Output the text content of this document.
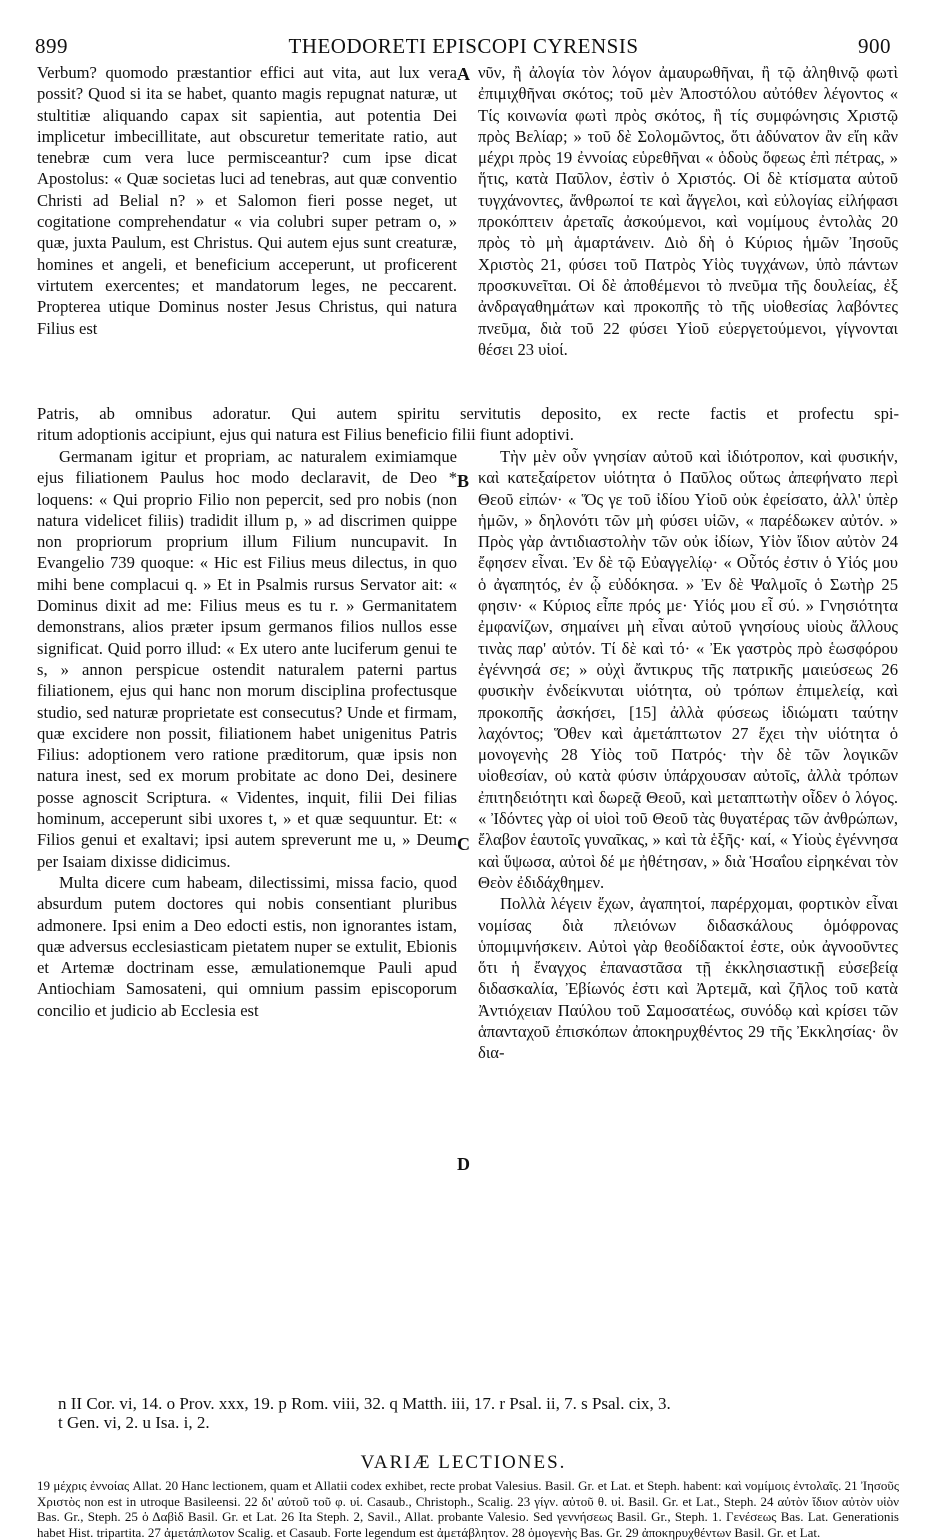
899	THEODORETI EPISCOPI CYRENSIS	900
A
B
C
D

Verbum? quomodo præstantior effici aut vita, aut lux vera possit? Quod si ita se habet, quanto magis repugnat naturæ, ut stultitiæ aliquando capax sit sapientia, aut potentia Dei implicetur imbecillitate, aut obscuretur temeritate ratio, aut tenebræ cum vera luce permisceantur? cum ipse dicat Apostolus: « Quæ societas luci ad tenebras, aut quæ conventio Christi ad Belial n? » et Salomon fieri posse neget, ut cogitatione comprehendatur « via colubri super petram o, » quæ, juxta Paulum, est Christus. Qui autem ejus sunt creaturæ, homines et angeli, et beneficium acceperunt, ut proficerent virtutem exercentes; et mandatorum leges, ne peccarent. Propterea utique Dominus noster Jesus Christus, qui natura Filius est

νῦν, ἢ ἀλογία τὸν λόγον ἀμαυρωθῆναι, ἢ τῷ ἀληθινῷ φωτὶ ἐπιμιχθῆναι σκότος; τοῦ μὲν Ἀποστόλου αὐτόθεν λέγοντος « Τίς κοινωνία φωτὶ πρὸς σκότος, ἢ τίς συμφώνησις Χριστῷ πρὸς Βελίαρ; » τοῦ δὲ Σολομῶντος, ὅτι ἀδύνατον ἂν εἴη κἂν μέχρι πρὸς 19 ἐννοίας εὑρεθῆναι « ὁδοὺς ὄφεως ἐπὶ πέτρας, » ἥτις, κατὰ Παῦλον, ἐστὶν ὁ Χριστός. Οἱ δὲ κτίσματα αὐτοῦ τυγχάνοντες, ἄνθρωποί τε καὶ ἄγγελοι, καὶ εὐλογίας εἰλήφασι προκόπτειν ἀρεταῖς ἀσκούμενοι, καὶ νομίμους ἐντολὰς 20 πρὸς τὸ μὴ ἁμαρτάνειν. Διὸ δὴ ὁ Κύριος ἡμῶν Ἰησοῦς Χριστὸς 21, φύσει τοῦ Πατρὸς Υἱὸς τυγχάνων, ὑπὸ πάντων προσκυνεῖται. Οἱ δὲ ἀποθέμενοι τὸ πνεῦμα τῆς δουλείας, ἐξ ἀνδραγαθημάτων καὶ προκοπῆς τὸ τῆς υἱοθεσίας λαβόντες πνεῦμα, διὰ τοῦ 22 φύσει Υἱοῦ εὐεργετούμενοι, γίγνονται θέσει 23 υἱοί.

Patris, ab omnibus adoratur. Qui autem spiritu servitutis deposito, ex recte factis et profectu spi-
ritum adoptionis accipiunt, ejus qui natura est Filius beneficio filii fiunt adoptivi.

Germanam igitur et propriam, ac naturalem eximiamque ejus filiationem Paulus hoc modo declaravit, de Deo * loquens: « Qui proprio Filio non pepercit, sed pro nobis (non natura videlicet filiis) tradidit illum p, » ad discrimen quippe non propriorum proprium illum Filium nuncupavit. In Evangelio 739 quoque: « Hic est Filius meus dilectus, in quo mihi bene complacui q. » Et in Psalmis rursus Servator ait: « Dominus dixit ad me: Filius meus es tu r. » Germanitatem demonstrans, alios præter ipsum germanos filios nullos esse significat. Quid porro illud: « Ex utero ante luciferum genui te s, » annon perspicue ostendit naturalem paterni partus filiationem, ejus qui hanc non morum disciplina profectusque studio, sed naturæ proprietate est consecutus? Unde et firmam, quæ excidere non possit, filiationem habet unigenitus Patris Filius: adoptionem vero ratione præditorum, quæ ipsis non natura inest, sed ex morum probitate ac dono Dei, desinere posse agnoscit Scriptura. « Videntes, inquit, filii Dei filias hominum, acceperunt sibi uxores t, » et quæ sequuntur. Et: « Filios genui et exaltavi; ipsi autem spreverunt me u, » Deum per Isaiam dixisse didicimus.

Multa dicere cum habeam, dilectissimi, missa facio, quod absurdum putem doctores qui nobis consentiant pluribus admonere. Ipsi enim a Deo edocti estis, non ignorantes istam, quæ adversus ecclesiasticam pietatem nuper se extulit, Ebionis et Artemæ doctrinam esse, æmulationemque Pauli apud Antiochiam Samosateni, qui omnium passim episcoporum concilio et judicio ab Ecclesia est

Τὴν μὲν οὖν γνησίαν αὐτοῦ καὶ ἰδιότροπον, καὶ φυσικήν, καὶ κατεξαίρετον υἱότητα ὁ Παῦλος οὕτως ἀπεφήνατο περὶ Θεοῦ εἰπών· « Ὅς γε τοῦ ἰδίου Υἱοῦ οὐκ ἐφείσατο, ἀλλ' ὑπὲρ ἡμῶν, » δηλονότι τῶν μὴ φύσει υἱῶν, « παρέδωκεν αὐτόν. » Πρὸς γὰρ ἀντιδιαστολὴν τῶν οὐκ ἰδίων, Υἱὸν ἴδιον αὐτὸν 24 ἔφησεν εἶναι. Ἐν δὲ τῷ Εὐαγγελίῳ· « Οὗτός ἐστιν ὁ Υἱός μου ὁ ἀγαπητός, ἐν ᾧ εὐδόκησα. » Ἐν δὲ Ψαλμοῖς ὁ Σωτὴρ 25 φησιν· « Κύριος εἶπε πρός με· Υἱός μου εἶ σύ. » Γνησιότητα ἐμφανίζων, σημαίνει μὴ εἶναι αὐτοῦ γνησίους υἱοὺς ἄλλους τινὰς παρ' αὐτόν. Τί δὲ καὶ τό· « Ἐκ γαστρὸς πρὸ ἑωσφόρου ἐγέννησά σε; » οὐχὶ ἄντικρυς τῆς πατρικῆς μαιεύσεως 26 φυσικὴν ἐνδείκνυται υἱότητα, οὐ τρόπων ἐπιμελείᾳ, καὶ προκοπῆς ἀσκήσει, [15] ἀλλὰ φύσεως ἰδιώματι ταύτην λαχόντος; Ὅθεν καὶ ἀμετάπτωτον 27 ἔχει τὴν υἱότητα ὁ μονογενὴς 28 Υἱὸς τοῦ Πατρός· τὴν δὲ τῶν λογικῶν υἱοθεσίαν, οὐ κατὰ φύσιν ὑπάρχουσαν αὐτοῖς, ἀλλὰ τρόπων ἐπιτηδειότητι καὶ δωρεᾷ Θεοῦ, καὶ μεταπτωτὴν οἶδεν ὁ λόγος. « Ἰδόντες γὰρ οἱ υἱοὶ τοῦ Θεοῦ τὰς θυγατέρας τῶν ἀνθρώπων, ἔλαβον ἑαυτοῖς γυναῖκας, » καὶ τὰ ἑξῆς· καί, « Υἱοὺς ἐγέννησα καὶ ὕψωσα, αὐτοὶ δέ με ἠθέτησαν, » διὰ Ἡσαΐου εἰρηκέναι τὸν Θεὸν ἐδιδάχθημεν.

Πολλὰ λέγειν ἔχων, ἀγαπητοί, παρέρχομαι, φορτικὸν εἶναι νομίσας διὰ πλειόνων διδασκάλους ὁμόφρονας ὑπομιμνήσκειν. Αὐτοὶ γὰρ θεοδίδακτοί ἐστε, οὐκ ἀγνοοῦντες ὅτι ἡ ἔναγχος ἐπαναστᾶσα τῇ ἐκκλησιαστικῇ εὐσεβείᾳ διδασκαλία, Ἐβίωνός ἐστι καὶ Ἀρτεμᾶ, καὶ ζῆλος τοῦ κατὰ Ἀντιόχειαν Παύλου τοῦ Σαμοσατέως, συνόδῳ καὶ κρίσει τῶν ἁπανταχοῦ ἐπισκόπων ἀποκηρυχθέντος 29 τῆς Ἐκκλησίας· ὃν δια-

n II Cor. vi, 14. o Prov. xxx, 19. p Rom. viii, 32. q Matth. iii, 17. r Psal. ii, 7. s Psal. cix, 3.
t Gen. vi, 2. u Isa. i, 2.
VARIÆ LECTIONES.
19 μέχρις ἐννοίας Allat. 20 Hanc lectionem, quam et Allatii codex exhibet, recte probat Valesius. Basil. Gr. et Lat. et Steph. habent: καὶ νομίμοις ἐντολαῖς. 21 Ἰησοῦς Χριστὸς non est in utroque Basileensi. 22 δι' αὐτοῦ τοῦ φ. υἱ. Casaub., Christoph., Scalig. 23 γίγν. αὐτοῦ θ. υἱ. Basil. Gr. et Lat., Steph. 24 αὐτὸν ἴδιον αὐτὸν υἱὸν Bas. Gr., Steph. 25 ὁ Δαβὶδ Basil. Gr. et Lat. 26 Ita Steph. 2, Savil., Allat. probante Valesio. Sed γεννήσεως Basil. Gr., Steph. 1. Γενέσεως Bas. Lat. Generationis habet Hist. tripartita. 27 ἀμετάπλωτον Scalig. et Casaub. Forte legendum est ἀμετάβλητον. 28 ὁμογενὴς Bas. Gr. 29 ἀποκηρυχθέντων Basil. Gr. et Lat.
